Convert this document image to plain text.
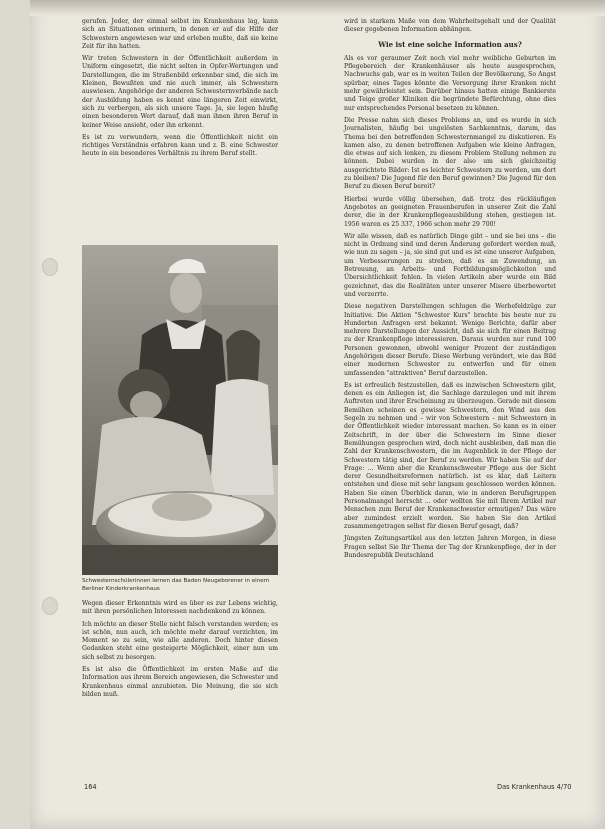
gerufen. Jeder, der einmal selbst im Krankenhaus lag, kann sich an Situationen erinnern, in denen er auf die Hilfe der Schwestern angewiesen war und erleben mußte, daß sie keine Zeit für ihn hatten.

Wir treten Schwestern in der Öffentlichkeit außerdem in Uniform eingesetzt, die nicht selten in Opfer-Wertungen und Darstellungen, die im Straßenbild erkennbar sind, die sich im Kleinen, Bewußten und nie auch immer, als Schwestern auswiesen. Angehörige der anderen Schwesternverbände nach der Ausbildung haben es kennt eine längeren Zeit einwirkt, sich zu verbergen, als sich unsere Tage. Ja, sie legen häufig einen besonderen Wert darauf, daß man ihnen ihren Beruf in keiner Weise ansieht, oder ihn erkennt.

Es ist zu verwundern, wenn die Öffentlichkeit nicht ein richtiges Verständnis erfahren kann und z. B. eine Schwester heute in ein besonderes Verhältnis zu ihrem Beruf stellt.

Schwesternschülerinnen lernen das Baden Neugeborener in einem Berliner Kinderkrankenhaus

Wegen dieser Erkenntnis wird es über es zur Lebens wichtig, mit ihren persönlichen Interessen nachdenkend zu können.

Ich möchte an dieser Stelle nicht falsch verstanden werden; es ist schön, nun auch, ich möchte mehr darauf verzichten, im Moment so zu sein, wie alle anderen. Doch hinter diesen Gedanken steht eine gesteigerte Möglichkeit, einer nun um sich selbst zu besorgen.

Es ist also die Öffentlichkeit im ersten Maße auf die Information aus ihrem Bereich angewiesen, die Schwester und Krankenhaus einmal anzubieten. Die Meinung, die sie sich bilden muß.

wird in starkem Maße von dem Wahrheitsgehalt und der Qualität dieser gegebenen Information abhängen.

Wie ist eine solche Information aus?

Als es vor geraumer Zeit noch viel mehr weibliche Geburten im Pflegebereich der Krankenhäuser als heute ausgesprochen, Nachwuchs gab, war es in weiten Teilen der Bevölkerung, So Angst spürbar, eines Tages könnte die Versorgung ihrer Kranken nicht mehr gewährleistet sein. Darüber hinaus hatten einige Bankierste und Teige großer Kliniken die begründete Befürchtung, ohne dies nur entsprechendes Personal besetzen zu können.

Die Presse nahm sich dieses Problems an, und es wurde in sich Journalisten, häufig bei ungelösten Sachkenntnis, darum, das Thema bei den betreffenden Schwesternmangel zu diskutieren. Es kamen also, zu denen betroffenen Aufgaben wie kleine Anfragen, die etwas auf sich lenken, zu diesem Problem Stellung nehmen zu können. Dabei wurden in der also um sich gleichzeitig ausgerichtete Bilder: Ist es leichter Schwestern zu werden, um dort zu bleiben? Die Jugend für den Beruf gewinnen? Die Jugend für den Beruf zu diesen Beruf bereit?

Hierbei wurde völlig übersehen, daß trotz des rückläufigen Angebotes an geeigneten Frauenberufen in unserer Zeit die Zahl derer, die in der Krankenpflegeausbildung stehen, gestiegen ist. 1956 waren es 25 337, 1966 schon mehr 29 700!

Wir alle wissen, daß es natürlich Dinge gibt – und sie bei uns – die nicht in Ordnung sind und deren Änderung gefordert werden muß, wie nun zu sagen – ja, sie sind gut und es ist eine unserer Aufgaben, um Verbesserungen zu streben, daß es an Zuwendung, an Betreuung, an Arbeits- und Fortbildungsmöglichkeiten und Übersichtlichkeit fehlen. In vielen Artikeln aber wurde ein Bild gezeichnet, das die Realitäten unter unserer Misere überbewertet und verzerrte.

Diese negativen Darstellungen schlugen die Werbefeldzüge zur Initiative. Die Aktion "Schwester Kurs" brachte bis heute nur zu Hunderten Anfragen erst bekannt. Wenige Berichte, dafür aber mehrere Darstellungen der Aussicht, daß sie sich für einen Beitrag zu der Krankenpflege interessieren. Daraus wurden nur rund 100 Personen gewonnen, obwohl weniger Prozent der zuständigen Angehörigen dieser Berufe. Diese Werbung verändert, wie das Bild einer modernen Schwester zu entwerfen und für einen umfassenden "attraktiven" Beruf darzustellen.

Es ist erfreulich festzustellen, daß es inzwischen Schwestern gibt, denen es ein Anliegen ist, die Sachlage darzulegen und mit ihrem Auftreten und ihrer Erscheinung zu überzeugen. Gerade mit diesem Bemühen scheinen es gewisse Schwestern, den Wind aus den Segeln zu nehmen und – wir von Schwestern – mit Schwestern in der Öffentlichkeit wieder interessant machen. So kann es in einer Zeitschrift, in der über die Schwestern im Sinne dieser Bemühungen gesprochen wird, doch nicht ausbleiben, daß man die Zahl der Krankenschwestern, die im Augenblick in der Pflege der Schwestern tätig sind, der Beruf zu werden. Wir haben Sie auf der Frage: ... Wenn aber die Krankenschwester Pflege aus der Sicht derer Gesundheitsreformen natürlich. ist es klar, daß Leitern entstehen und diese mit sehr langsam geschlossen werden können. Haben Sie einen Überblick daran, wie in anderen Berufsgruppen Personalmangel herrscht ... oder wollten Sie mit Ihrem Artikel nur Menschen zum Beruf der Krankenschwester ermutigen? Das wäre aber zumindest erzielt worden. Sie haben Sie den Artikel zusammengetragen selbst für diesen Beruf gesagt, daß?

Jüngsten Zeitungsartikel aus den letzten Jahren Morgen, in diese Fragen selbst Sie Ihr Thema der Tag der Krankenpflege, der in der Bundesrepublik Deutschland

164	Das Krankenhaus 4/70
